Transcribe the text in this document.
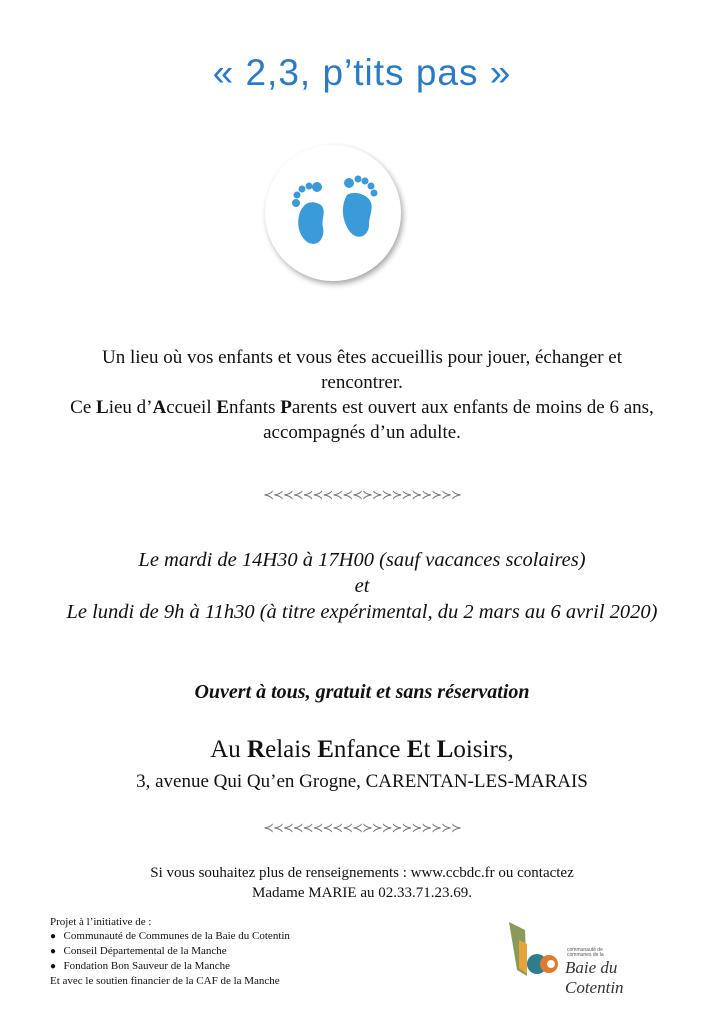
« 2,3, p’tits pas »
Un lieu où vos enfants et vous êtes accueillis pour jouer, échanger et rencontrer.
Ce Lieu d’Accueil Enfants Parents est ouvert aux enfants de moins de 6 ans, accompagnés d’un adulte.
≺≺≺≺≺≺≺≺≺≺≻≻≻≻≻≻≻≻≻≻
Le mardi de 14H30 à 17H00 (sauf vacances scolaires)
et
Le lundi de 9h à 11h30 (à titre expérimental, du 2 mars au 6 avril 2020)
Ouvert à tous, gratuit et sans réservation
Au Relais Enfance Et Loisirs,
3, avenue Qui Qu’en Grogne, CARENTAN-LES-MARAIS
≺≺≺≺≺≺≺≺≺≺≻≻≻≻≻≻≻≻≻≻
Si vous souhaitez plus de renseignements : www.ccbdc.fr ou contactez
Madame MARIE au 02.33.71.23.69.
Projet à l’initiative de :
● Communauté de Communes de la Baie du Cotentin
● Conseil Départemental de la Manche
● Fondation Bon Sauveur de la Manche
Et avec le soutien financier de la CAF de la Manche
communauté de communes de la
Baie du Cotentin
